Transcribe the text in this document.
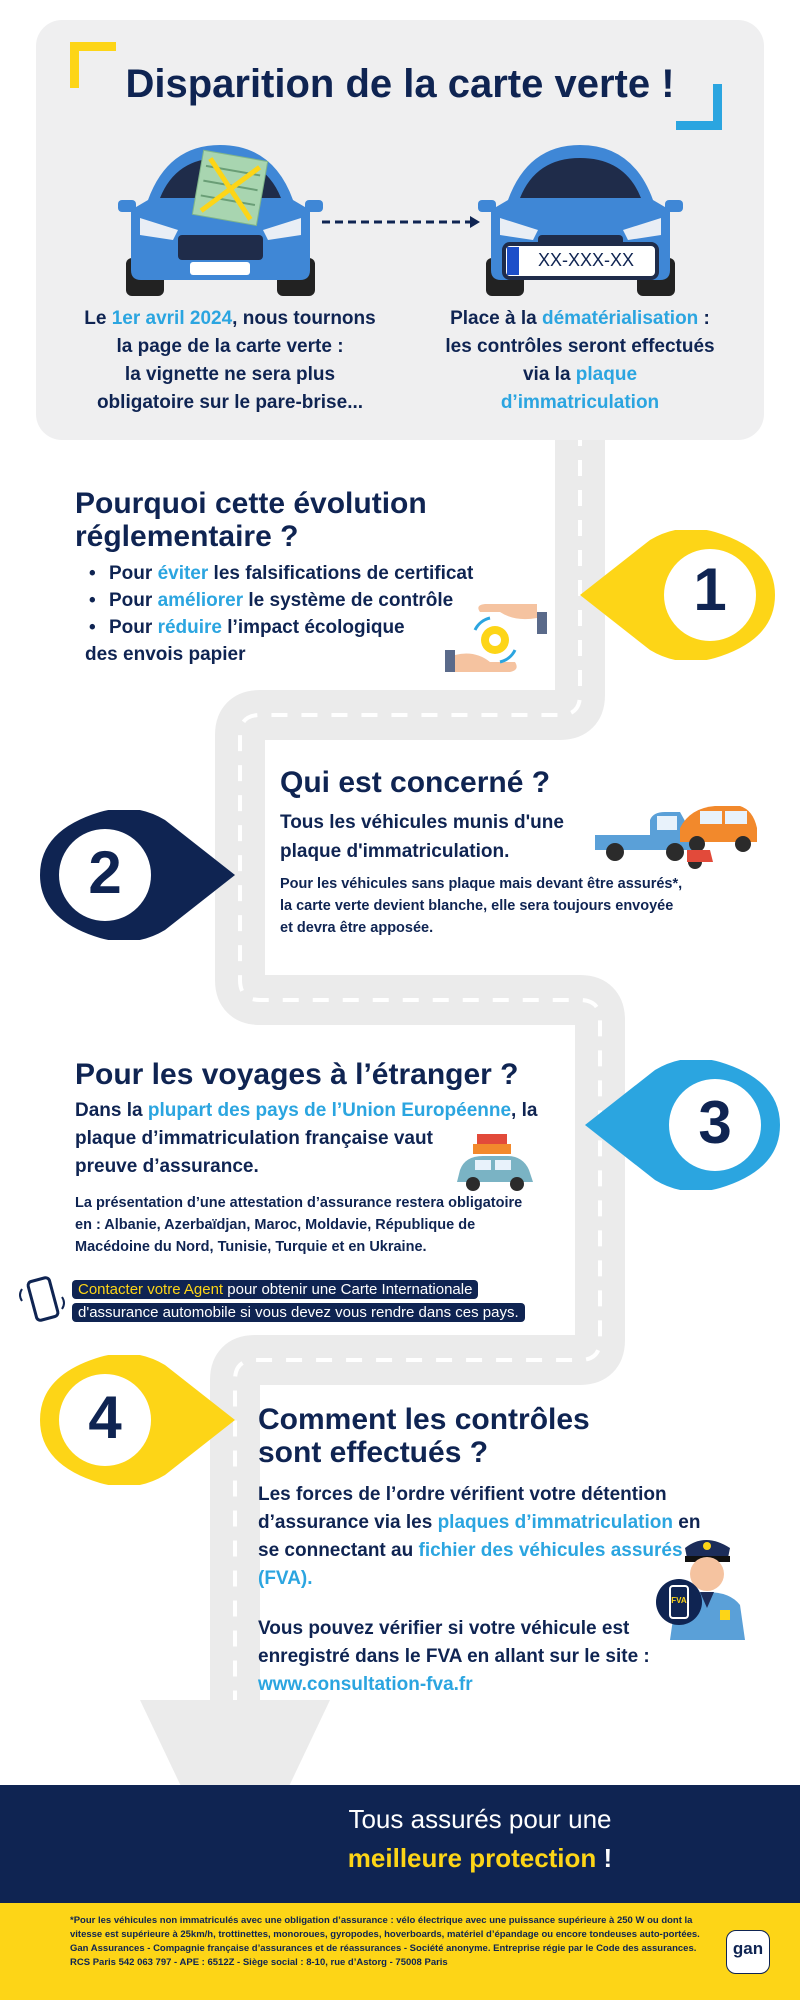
Disparition de la carte verte !
XX-XXX-XX
Le 1er avril 2024, nous tournons
la page de la carte verte :
la vignette ne sera plus
obligatoire sur le pare-brise...
Place à la dématérialisation :
les contrôles seront effectués
via la plaque
d’immatriculation
Pourquoi cette évolution
réglementaire ?
• Pour éviter les falsifications de certificat
• Pour améliorer le système de contrôle
• Pour réduire l’impact écologique
des envois papier
1
Qui est concerné ?
Tous les véhicules munis d'une
plaque d'immatriculation.
Pour les véhicules sans plaque mais devant être assurés*,
la carte verte devient blanche, elle sera toujours envoyée
et devra être apposée.
2
Pour les voyages à l’étranger ?
Dans la plupart des pays de l’Union Européenne, la
plaque d’immatriculation française vaut
preuve d’assurance.
La présentation d’une attestation d’assurance restera obligatoire
en : Albanie, Azerbaïdjan, Maroc, Moldavie, République de
Macédoine du Nord, Tunisie, Turquie et en Ukraine.
Contacter votre Agent pour obtenir une Carte Internationale
d'assurance automobile si vous devez vous rendre dans ces pays.
3
4	Comment les contrôles
sont effectués ?
Les forces de l’ordre vérifient votre détention
d’assurance via les plaques d’immatriculation en
se connectant au fichier des véhicules assurés
(FVA).
Vous pouvez vérifier si votre véhicule est
enregistré dans le FVA en allant sur le site :
www.consultation-fva.fr
FVA
Tous assurés pour une
meilleure protection !
*Pour les véhicules non immatriculés avec une obligation d’assurance : vélo électrique avec une puissance supérieure à 250 W ou dont la vitesse est supérieure à 25km/h, trottinettes, monoroues, gyropodes, hoverboards, matériel d’épandage ou encore tondeuses auto-portées.
Gan Assurances - Compagnie française d’assurances et de réassurances - Société anonyme. Entreprise régie par le Code des assurances.
RCS Paris 542 063 797 - APE : 6512Z - Siège social : 8-10, rue d’Astorg - 75008 Paris
gan
